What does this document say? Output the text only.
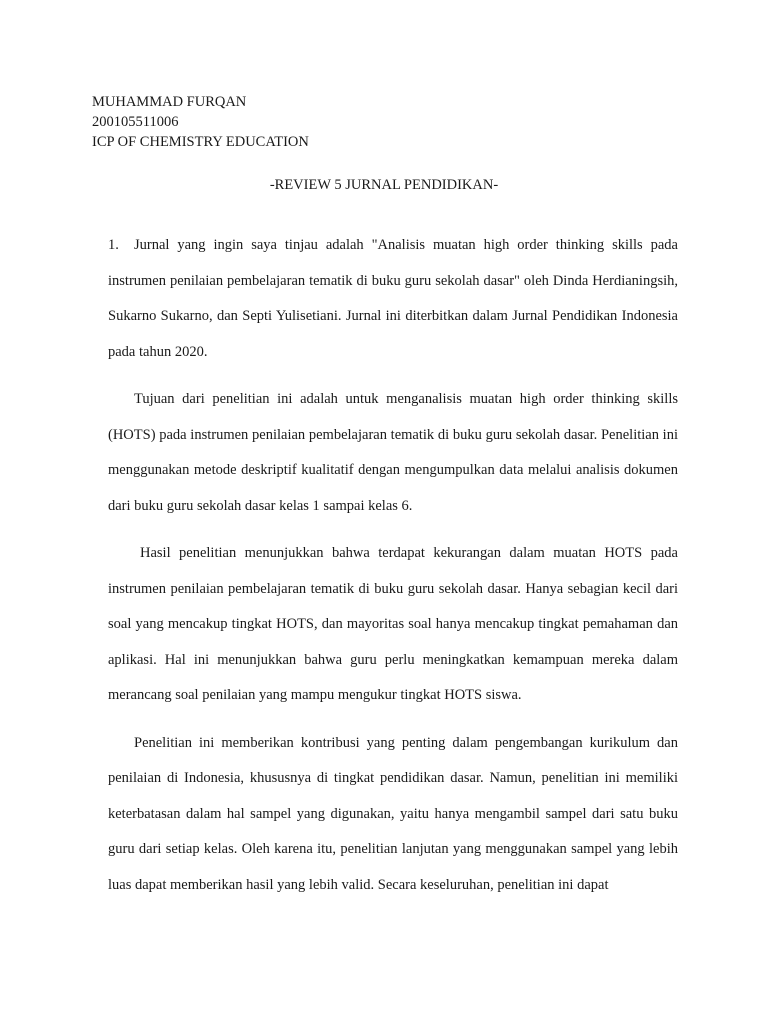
MUHAMMAD FURQAN
200105511006
ICP OF CHEMISTRY EDUCATION
-REVIEW 5 JURNAL PENDIDIKAN-

1. Jurnal yang ingin saya tinjau adalah "Analisis muatan high order thinking skills pada instrumen penilaian pembelajaran tematik di buku guru sekolah dasar" oleh Dinda Herdianingsih, Sukarno Sukarno, dan Septi Yulisetiani. Jurnal ini diterbitkan dalam Jurnal Pendidikan Indonesia pada tahun 2020.

Tujuan dari penelitian ini adalah untuk menganalisis muatan high order thinking skills (HOTS) pada instrumen penilaian pembelajaran tematik di buku guru sekolah dasar. Penelitian ini menggunakan metode deskriptif kualitatif dengan mengumpulkan data melalui analisis dokumen dari buku guru sekolah dasar kelas 1 sampai kelas 6.

Hasil penelitian menunjukkan bahwa terdapat kekurangan dalam muatan HOTS pada instrumen penilaian pembelajaran tematik di buku guru sekolah dasar. Hanya sebagian kecil dari soal yang mencakup tingkat HOTS, dan mayoritas soal hanya mencakup tingkat pemahaman dan aplikasi. Hal ini menunjukkan bahwa guru perlu meningkatkan kemampuan mereka dalam merancang soal penilaian yang mampu mengukur tingkat HOTS siswa.

Penelitian ini memberikan kontribusi yang penting dalam pengembangan kurikulum dan penilaian di Indonesia, khususnya di tingkat pendidikan dasar. Namun, penelitian ini memiliki keterbatasan dalam hal sampel yang digunakan, yaitu hanya mengambil sampel dari satu buku guru dari setiap kelas. Oleh karena itu, penelitian lanjutan yang menggunakan sampel yang lebih luas dapat memberikan hasil yang lebih valid. Secara keseluruhan, penelitian ini dapat
